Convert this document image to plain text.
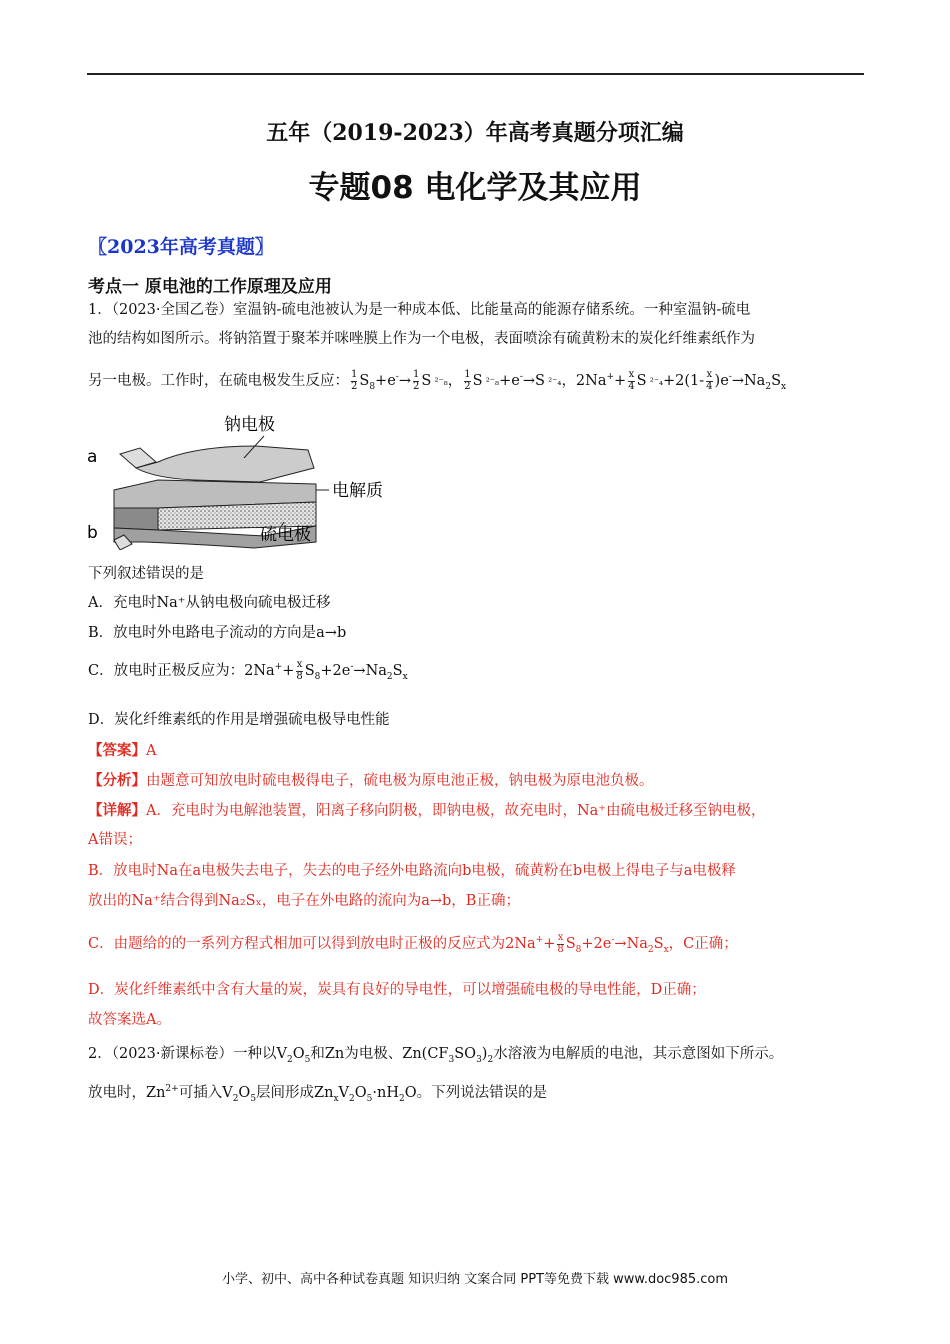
五年（2019-2023）年高考真题分项汇编
专题08 电化学及其应用
〖2023年高考真题〗
考点一 原电池的工作原理及应用
1．（2023·全国乙卷）室温钠-硫电池被认为是一种成本低、比能量高的能源存储系统。一种室温钠-硫电
池的结构如图所示。将钠箔置于聚苯并咪唑膜上作为一个电极，表面喷涂有硫黄粉末的炭化纤维素纸作为
另一电极。工作时，在硫电极发生反应： $\frac{1}{2} S_8+e^-\to \frac{1}{2}$ S ²⁻₈， $\frac{1}{2}$ S ²⁻₈+e-→S ²⁻₄，$2Na^++ \frac{x}{4}$ S $^{2-}_4+2(1- \frac{x}{4} )e^-\to Na_2S_x$
钠电极
电解质
硫电极
a
b
下列叙述错误的是
A．充电时Na⁺从钠电极向硫电极迁移
B．放电时外电路电子流动的方向是a→b
C．放电时正极反应为：$2Na^++ \frac{x}{8} S_8+2e^-\to Na_2S_x$
D．炭化纤维素纸的作用是增强硫电极导电性能
【答案】A
【分析】由题意可知放电时硫电极得电子，硫电极为原电池正极，钠电极为原电池负极。
【详解】A．充电时为电解池装置，阳离子移向阴极，即钠电极，故充电时，Na⁺由硫电极迁移至钠电极，
A错误；
B．放电时Na在a电极失去电子，失去的电子经外电路流向b电极，硫黄粉在b电极上得电子与a电极释
放出的Na⁺结合得到Na₂Sₓ，电子在外电路的流向为a→b，B正确；
C．由题给的的一系列方程式相加可以得到放电时正极的反应式为$2Na^++ \frac{x}{8} S_8+2e^-\to Na_2S_x$，C正确；
D．炭化纤维素纸中含有大量的炭，炭具有良好的导电性，可以增强硫电极的导电性能，D正确；
故答案选A。
2．（2023·新课标卷）一种以$V_2O_5$和Zn为电极、$Zn(CF_3SO_3)_2$水溶液为电解质的电池，其示意图如下所示。
放电时，$Zn^{2+}$可插入$V_2O_5$层间形成$Zn_xV_2O_5\cdot nH_2O$。下列说法错误的是
小学、初中、高中各种试卷真题 知识归纳 文案合同 PPT等免费下载 www.doc985.com
